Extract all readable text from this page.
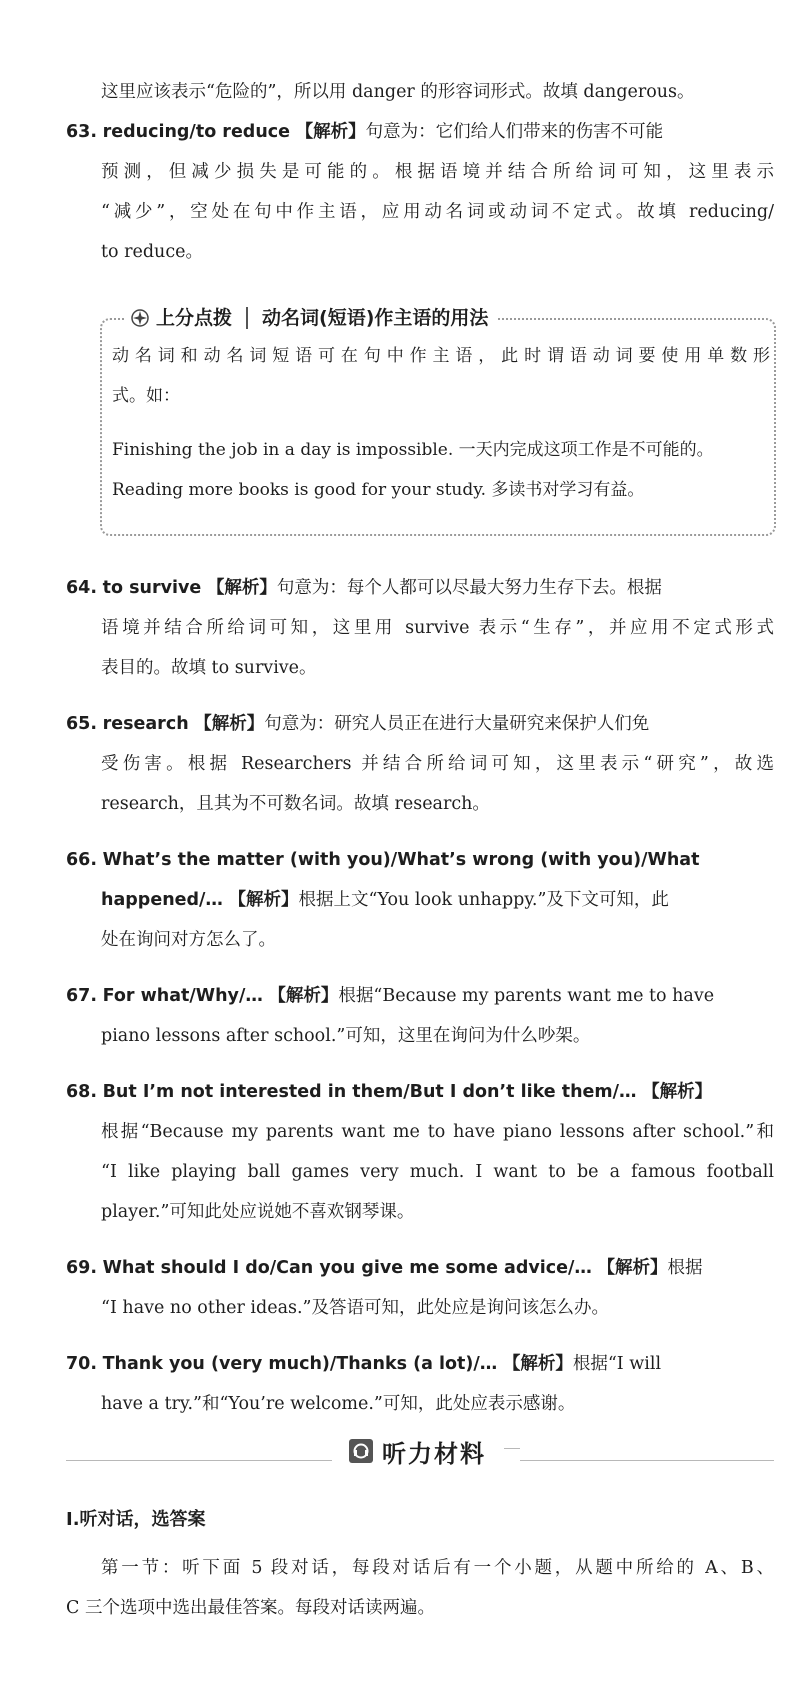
这里应该表示“危险的”，所以用 danger 的形容词形式。故填 dangerous。

63. reducing/to reduce 【解析】句意为：它们给人们带来的伤害不可能

预测，但减少损失是可能的。根据语境并结合所给词可知，这里表示

“减少”，空处在句中作主语，应用动名词或动词不定式。故填 reducing/

to reduce。

上分点拨 动名词(短语)作主语的用法

动名词和动名词短语可在句中作主语，此时谓语动词要使用单数形

式。如：

Finishing the job in a day is impossible. 一天内完成这项工作是不可能的。

Reading more books is good for your study. 多读书对学习有益。

64. to survive 【解析】句意为：每个人都可以尽最大努力生存下去。根据

语境并结合所给词可知，这里用 survive 表示“生存”，并应用不定式形式

表目的。故填 to survive。

65. research 【解析】句意为：研究人员正在进行大量研究来保护人们免

受伤害。根据 Researchers 并结合所给词可知，这里表示“研究”，故选

research，且其为不可数名词。故填 research。

66. What’s the matter (with you)/What’s wrong (with you)/What

happened/… 【解析】根据上文“You look unhappy.”及下文可知，此

处在询问对方怎么了。

67. For what/Why/… 【解析】根据“Because my parents want me to have

piano lessons after school.”可知，这里在询问为什么吵架。

68. But I’m not interested in them/But I don’t like them/… 【解析】

根据“Because my parents want me to have piano lessons after school.”和

“I like playing ball games very much. I want to be a famous football

player.”可知此处应说她不喜欢钢琴课。

69. What should I do/Can you give me some advice/… 【解析】根据

“I have no other ideas.”及答语可知，此处应是询问该怎么办。

70. Thank you (very much)/Thanks (a lot)/… 【解析】根据“I will

have a try.”和“You’re welcome.”可知，此处应表示感谢。

听力材料

Ⅰ.听对话，选答案

第一节：听下面 5 段对话，每段对话后有一个小题，从题中所给的 A、B、

C 三个选项中选出最佳答案。每段对话读两遍。
